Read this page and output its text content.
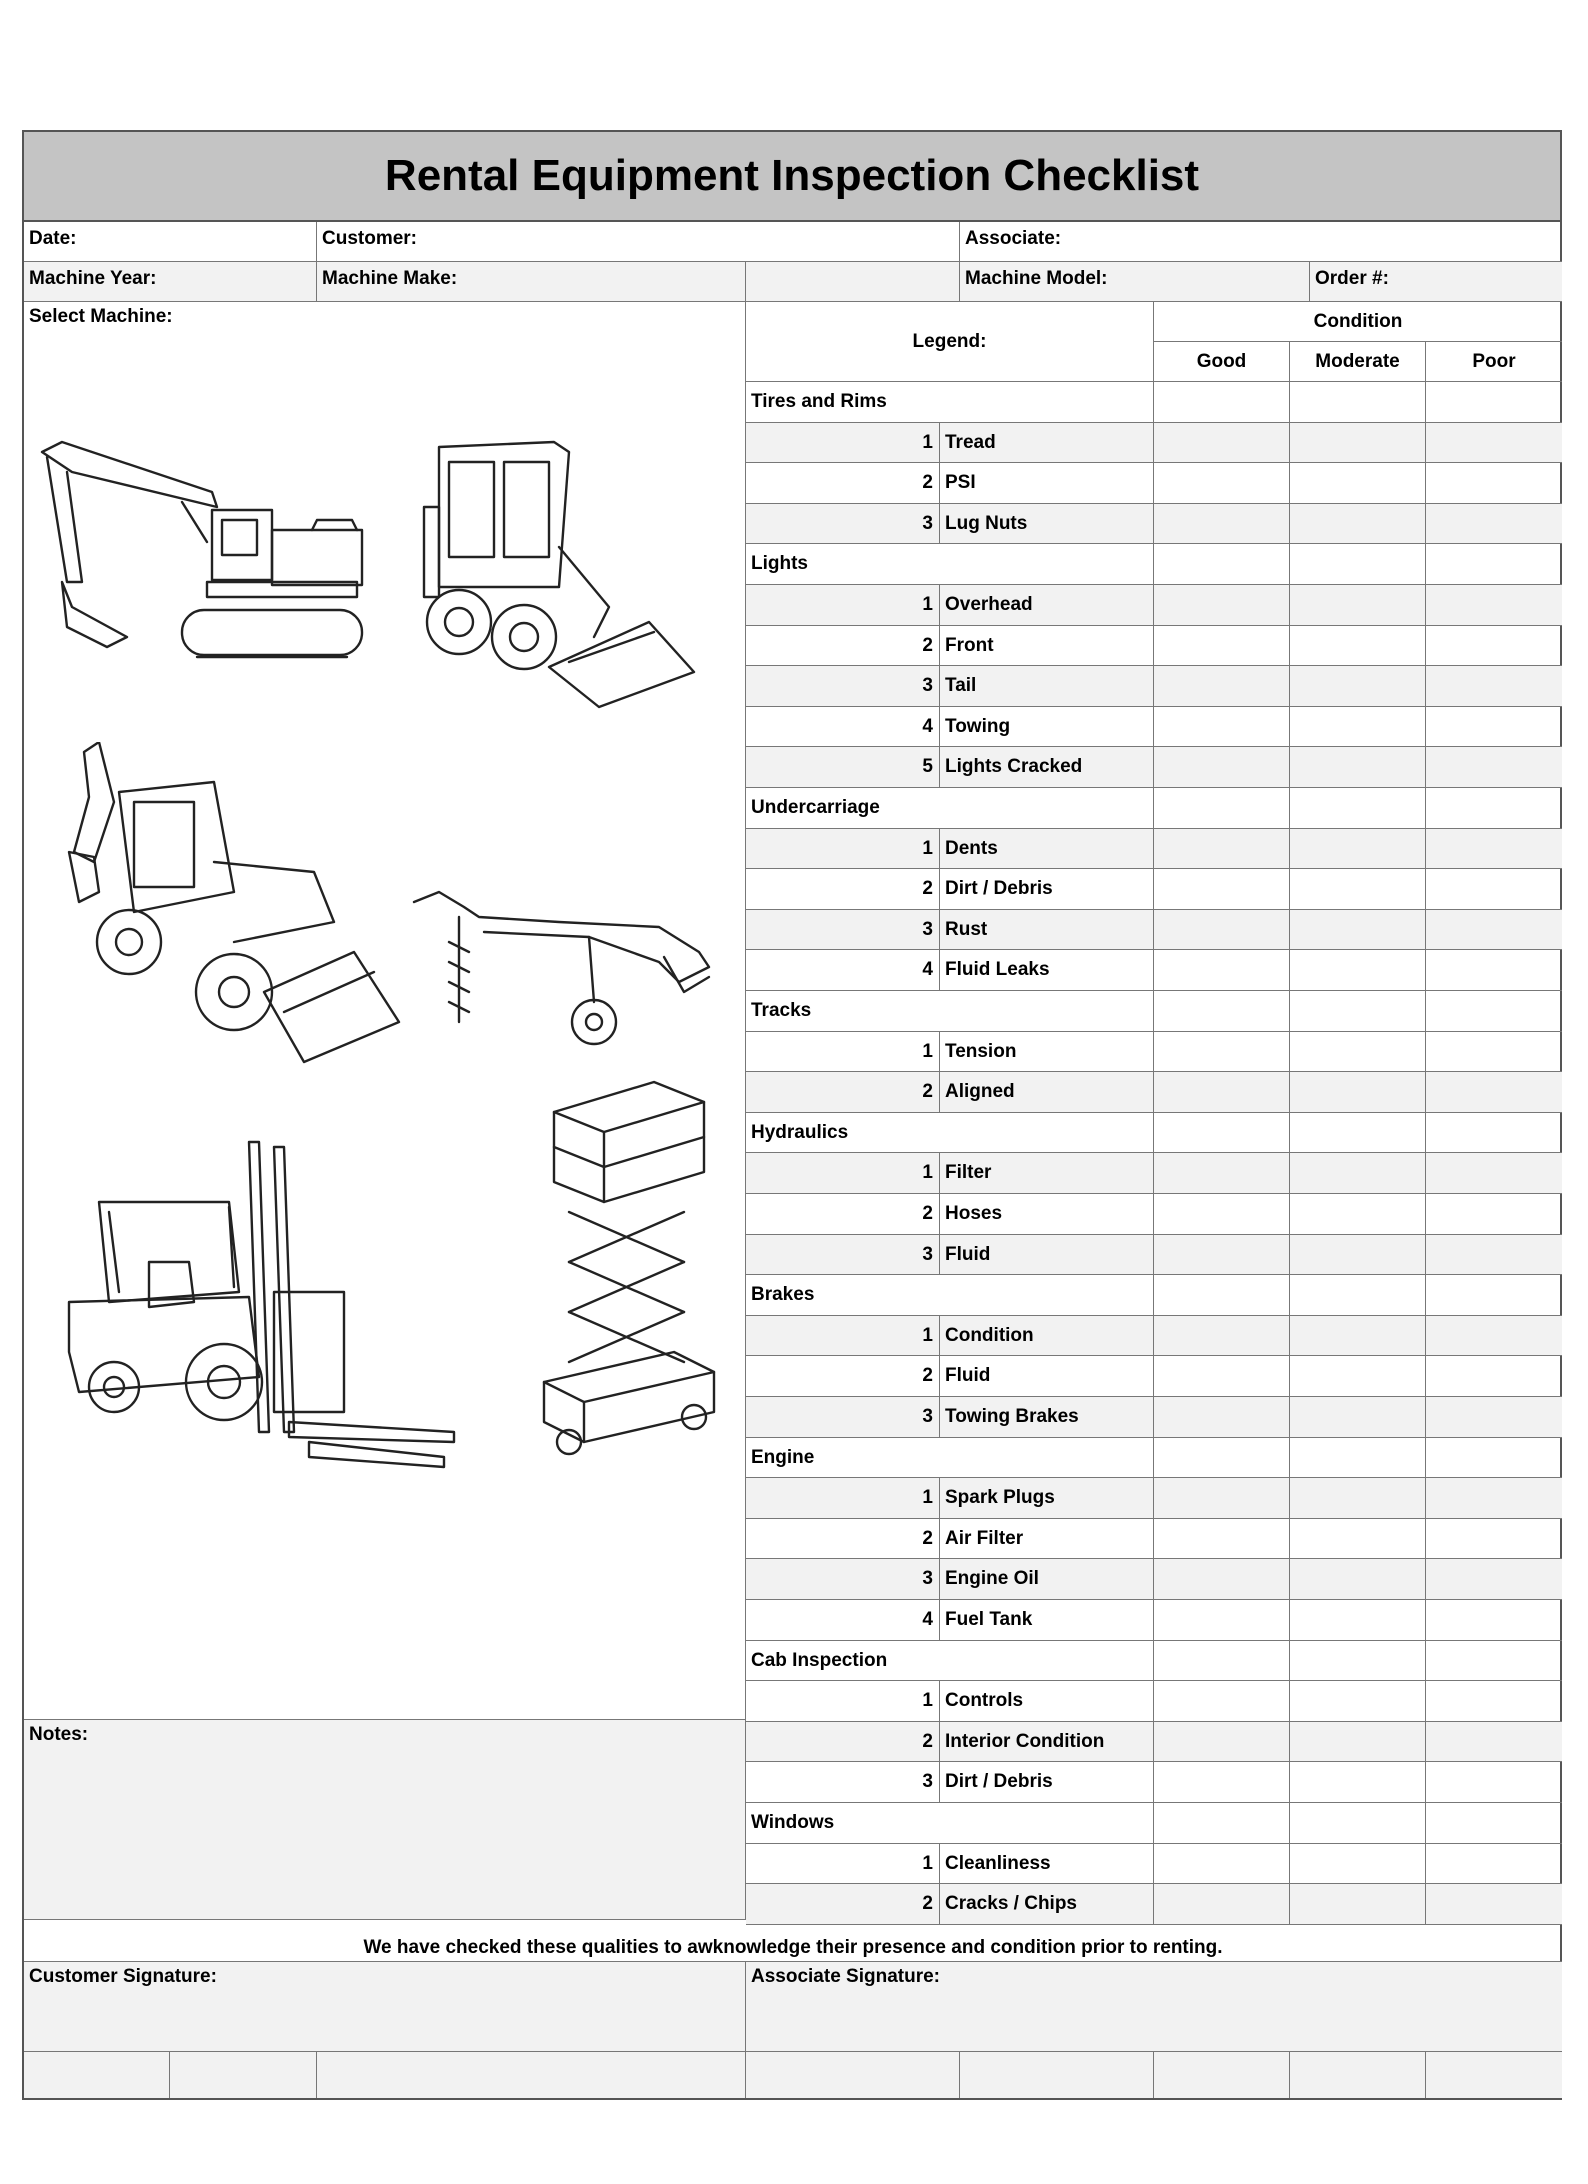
Rental Equipment Inspection Checklist
Date:	Customer:	Associate:
Machine Year:	Machine Make:	Machine Model:	Order #:
Select Machine:
Legend:
Condition
Good	Moderate	Poor
Tires and Rims
1 Tread
2 PSI
3 Lug Nuts
Lights
1 Overhead
2 Front
3 Tail
4 Towing
5 Lights Cracked
Undercarriage
1 Dents
2 Dirt / Debris
3 Rust
4 Fluid Leaks
Tracks
1 Tension
2 Aligned
Hydraulics
1 Filter
2 Hoses
3 Fluid
Brakes
1 Condition
2 Fluid
3 Towing Brakes
Engine
1 Spark Plugs
2 Air Filter
3 Engine Oil
4 Fuel Tank
Cab Inspection
1 Controls
2 Interior Condition
3 Dirt / Debris
Windows
1 Cleanliness
2 Cracks / Chips
Notes:
We have checked these qualities to awknowledge their presence and condition prior to renting.
Customer Signature:	Associate Signature:
